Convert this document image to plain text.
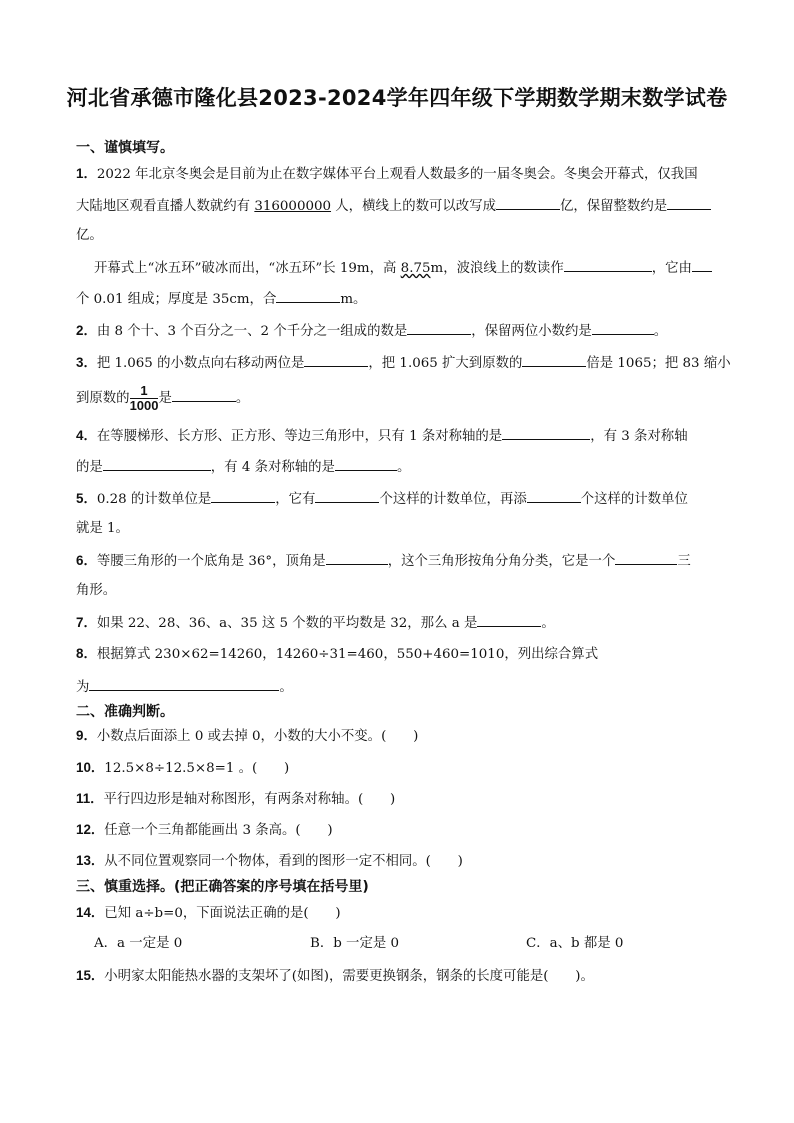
河北省承德市隆化县2023-2024学年四年级下学期数学期末数学试卷
一、谨慎填写。
1．2022 年北京冬奥会是目前为止在数字媒体平台上观看人数最多的一届冬奥会。冬奥会开幕式，仅我国
大陆地区观看直播人数就约有 316000000 人，横线上的数可以改写成	亿，保留整数约是
亿。
开幕式上“冰五环”破冰而出，“冰五环”长 19m，高 8.75m，波浪线上的数读作	，它由
个 0.01 组成；厚度是 35cm，合	m。
2．由 8 个十、3 个百分之一、2 个千分之一组成的数是	，保留两位小数约是	。
3．把 1.065 的小数点向右移动两位是	，把 1.065 扩大到原数的	倍是 1065；把 83 缩小
到原数的 $\frac{1}{1000}$ 是	。
4．在等腰梯形、长方形、正方形、等边三角形中，只有 1 条对称轴的是	，有 3 条对称轴
的是	，有 4 条对称轴的是	。
5．0.28 的计数单位是	，它有	个这样的计数单位，再添	个这样的计数单位
就是 1。
6．等腰三角形的一个底角是 36°，顶角是	，这个三角形按角分角分类，它是一个	三
角形。
7．如果 22、28、36、a、35 这 5 个数的平均数是 32，那么 a 是	。
8．根据算式 230×62=14260，14260÷31=460，550+460=1010，列出综合算式
为	。
二、准确判断。
9．小数点后面添上 0 或去掉 0，小数的大小不变。(　　)
10．12.5×8÷12.5×8=1 。(　　)
11．平行四边形是轴对称图形，有两条对称轴。(　　)
12．任意一个三角都能画出 3 条高。(　　)
13．从不同位置观察同一个物体，看到的图形一定不相同。(　　)
三、慎重选择。(把正确答案的序号填在括号里)
14．已知 a÷b=0，下面说法正确的是(　　)
A．a 一定是 0	B．b 一定是 0	C．a、b 都是 0
15．小明家太阳能热水器的支架坏了(如图)，需要更换钢条，钢条的长度可能是(　　)。
